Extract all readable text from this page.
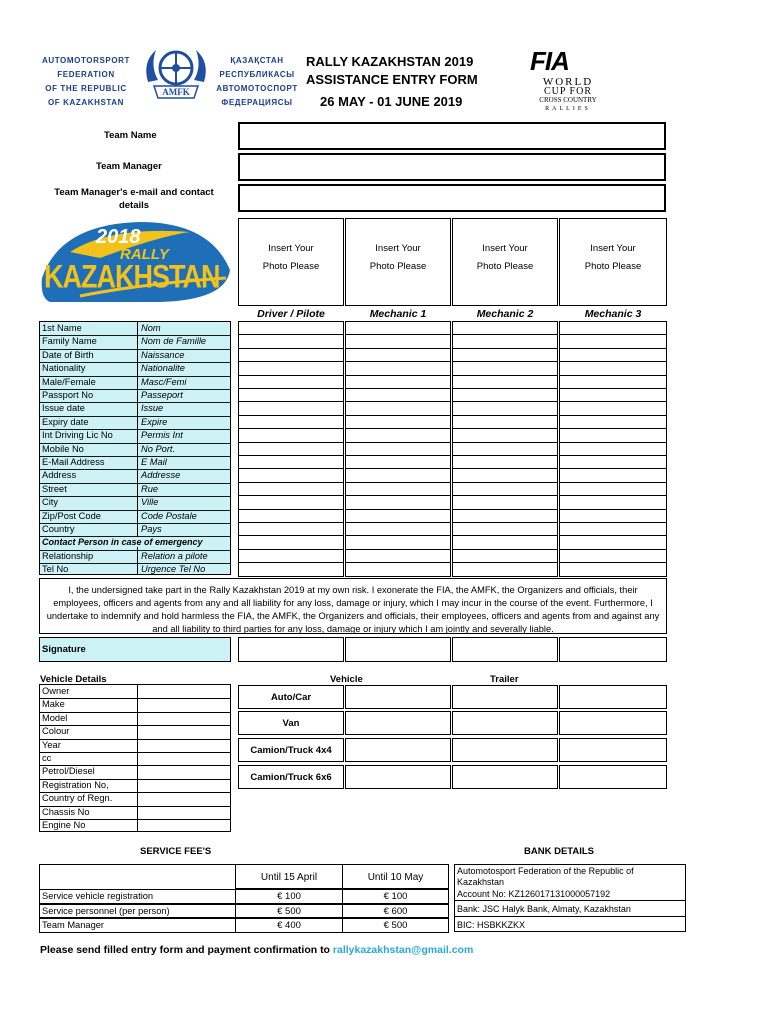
AUTOMOTORSPORT
FEDERATION
OF THE REPUBLIC
OF KAZAKHSTAN
AMFK
ҚАЗАҚСТАН
РЕСПУБЛИКАСЫ
АВТОМОТОСПОРТ
ФЕДЕРАЦИЯСЫ
RALLY KAZAKHSTAN 2019
ASSISTANCE ENTRY FORM
26 MAY - 01 JUNE 2019
FIA
WORLD
CUP FOR
CROSS COUNTRY
RALLIES
Team Name
Team Manager
Team Manager's e-mail and contact details
2018
RALLY
KAZAKHSTAN
Insert Your
Photo Please
Insert Your
Photo Please
Insert Your
Photo Please
Insert Your
Photo Please
Driver / Pilote	Mechanic 1	Mechanic 2	Mechanic 3
1st Name	Nom
Family Name	Nom de Famille
Date of Birth	Naissance
Nationality	Nationalite
Male/Female	Masc/Femi
Passport No	Passeport
Issue date	Issue
Expiry date	Expire
Int Driving Lic No	Permis Int
Mobile No	No Port.
E-Mail Address	E Mail
Address	Addresse
Street	Rue
City	Ville
Zip/Post Code	Code Postale
Country	Pays
Contact Person in case of emergency
Relationship	Relation a pilote
Tel No	Urgence Tel No
I, the undersigned take part in the Rally Kazakhstan 2019 at my own risk. I exonerate the FIA, the AMFK, the Organizers and officials, their employees, officers and agents from any and all liability for any loss, damage or injury, which I may incur in the course of the event. Furthermore, I undertake to indemnify and hold harmless the FIA, the AMFK, the Organizers and officials, their employees, officers and agents from and against any and all liability to third parties for any loss, damage or injury which I am jointly and severally liable.
Signature
Vehicle Details	Vehicle	Trailer
Owner
Make
Model
Colour
Year
cc
Petrol/Diesel
Registration No,
Country of Regn.
Chassis No
Engine No
Auto/Car
Van
Camion/Truck 4x4
Camion/Truck 6x6
SERVICE FEE'S	BANK DETAILS
Until 15 April	Until 10 May
Service vehicle registration	€ 100	€ 100
Service personnel (per person)	€ 500	€ 600
Team Manager	€ 400	€ 500
Automotosport Federation of the Republic of Kazakhstan
Account No: KZ126017131000057192
Bank: JSC Halyk Bank, Almaty, Kazakhstan
BIC: HSBKKZKX
Please send filled entry form and payment confirmation to rallykazakhstan@gmail.com
